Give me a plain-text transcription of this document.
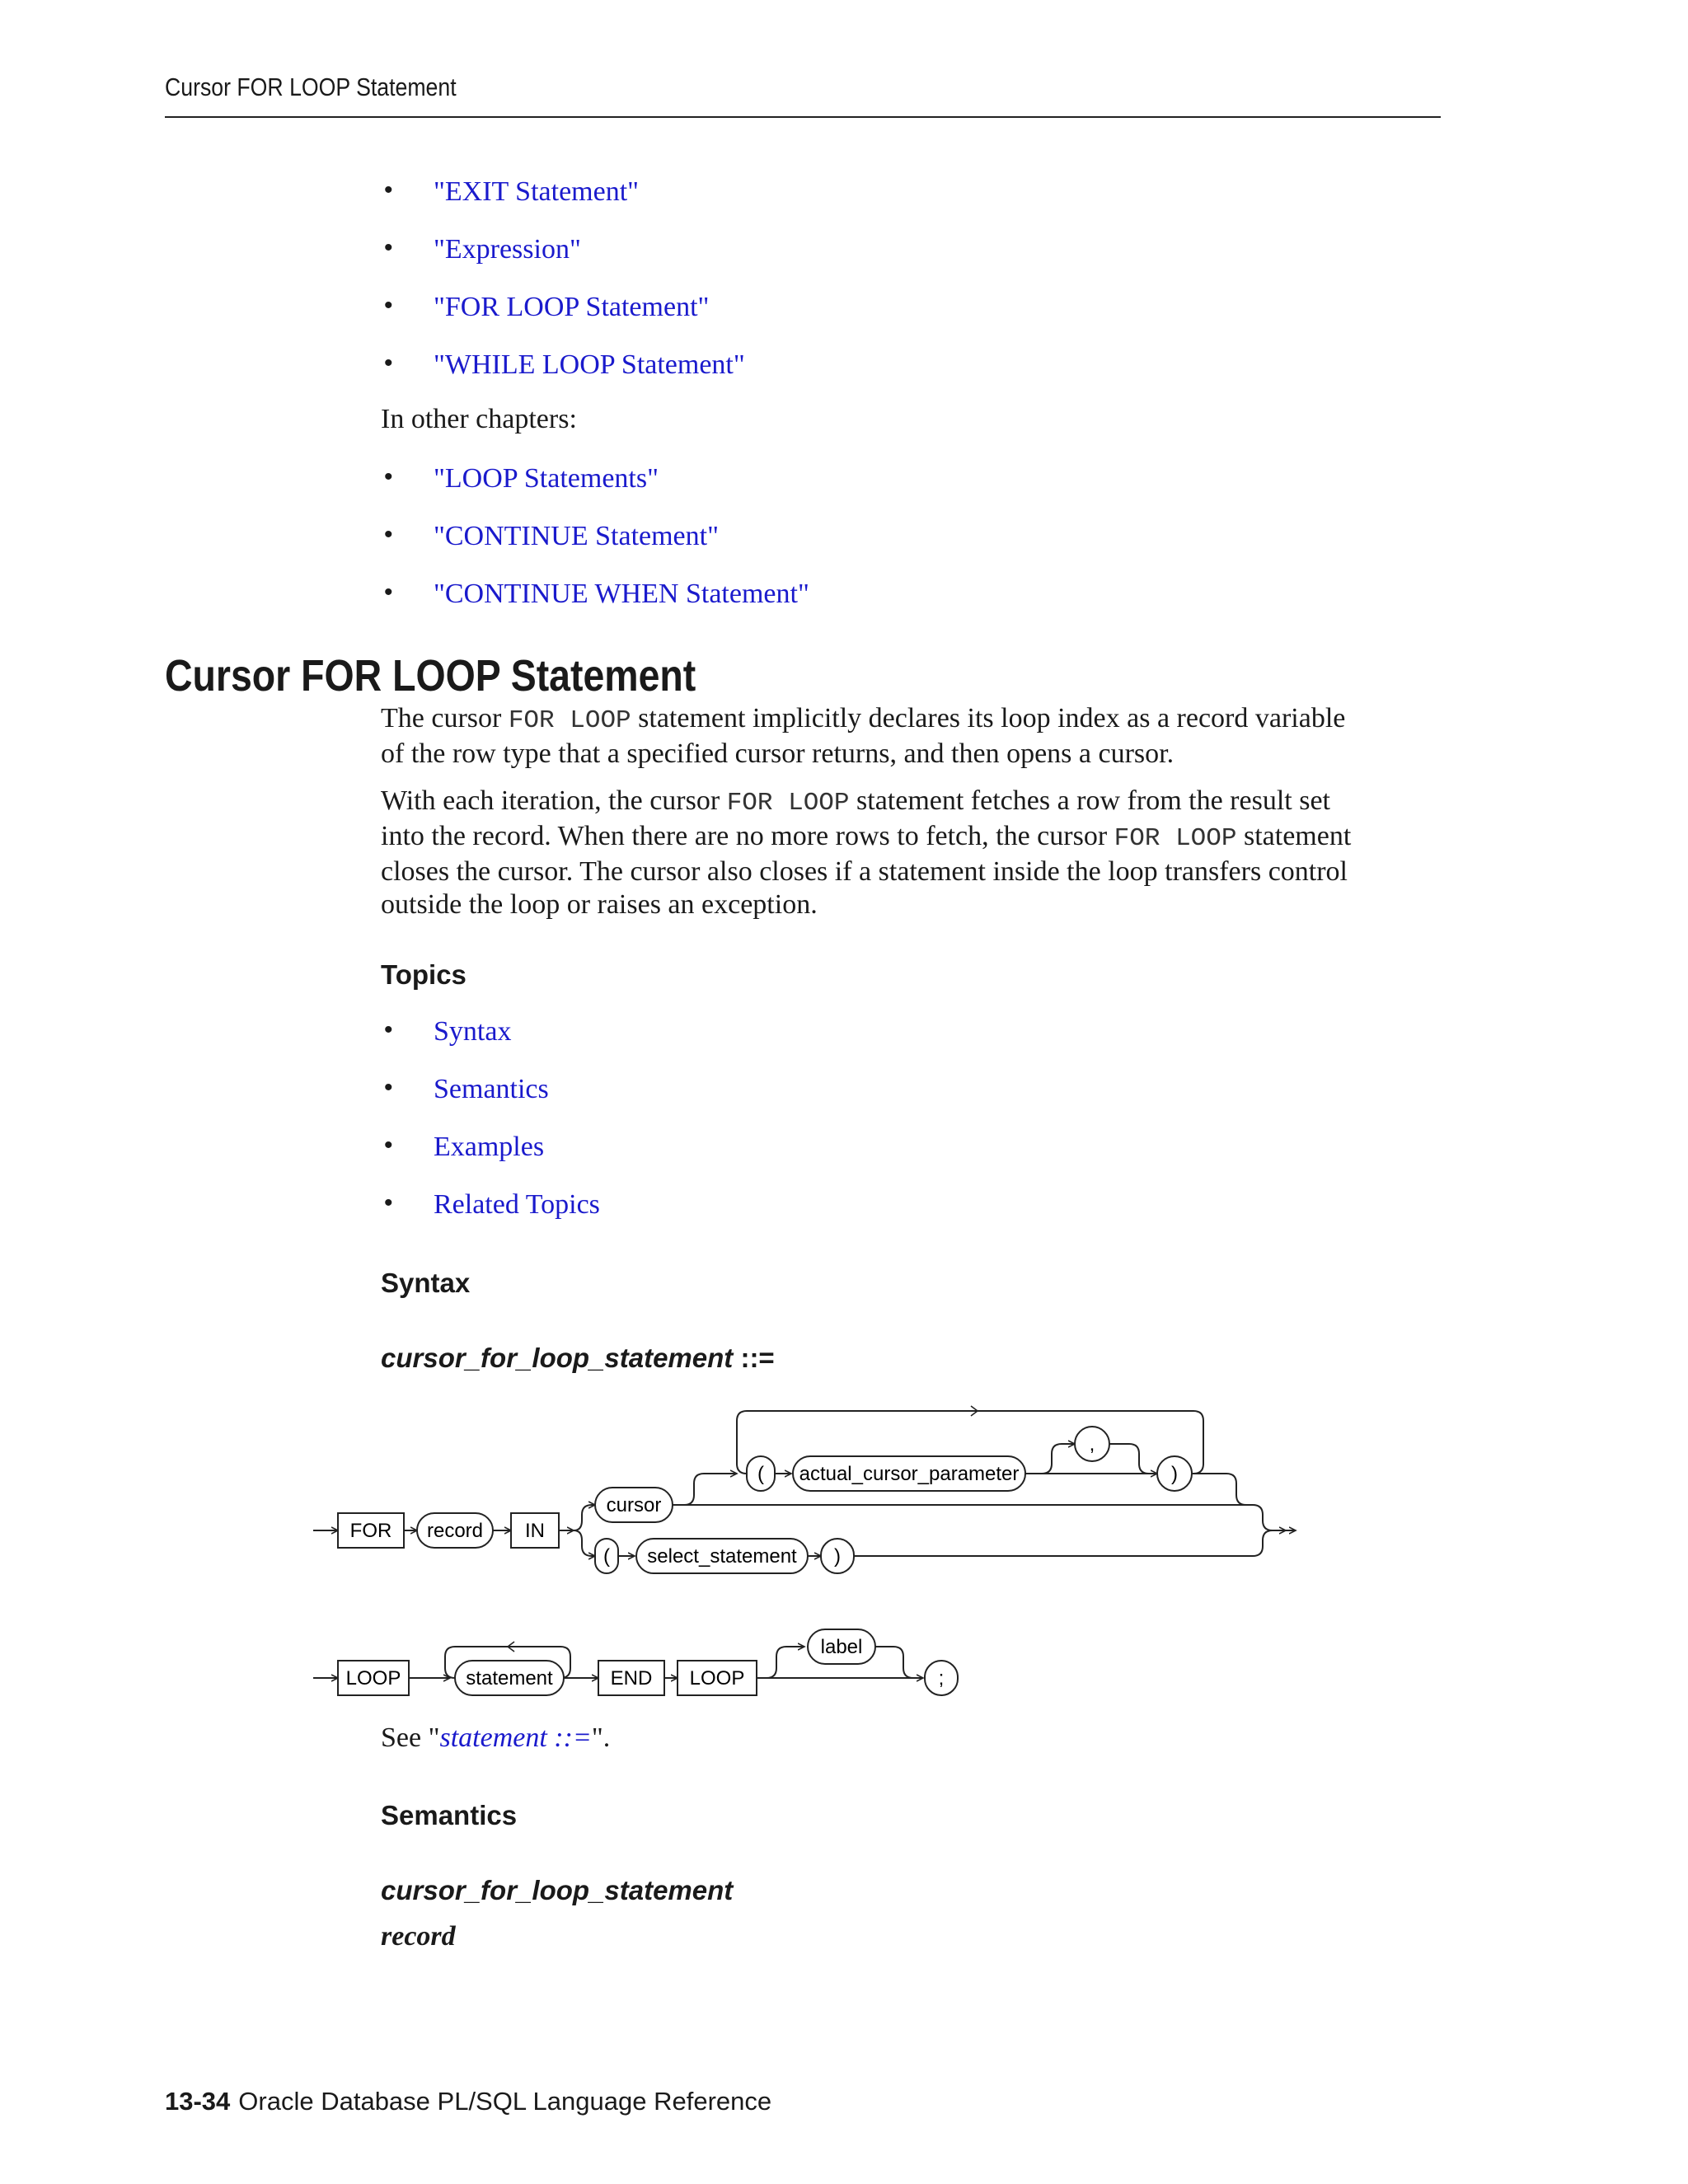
Cursor FOR LOOP Statement
• "EXIT Statement"
• "Expression"
• "FOR LOOP Statement"
• "WHILE LOOP Statement"
In other chapters:
• "LOOP Statements"
• "CONTINUE Statement"
• "CONTINUE WHEN Statement"
Cursor FOR LOOP Statement
The cursor FOR LOOP statement implicitly declares its loop index as a record variable
of the row type that a specified cursor returns, and then opens a cursor.
With each iteration, the cursor FOR LOOP statement fetches a row from the result set
into the record. When there are no more rows to fetch, the cursor FOR LOOP statement
closes the cursor. The cursor also closes if a statement inside the loop transfers control
outside the loop or raises an exception.
Topics
• Syntax
• Semantics
• Examples
• Related Topics
Syntax
cursor_for_loop_statement ::=
FOR record IN
cursor
( actual_cursor_parameter
,
)
( select_statement )
LOOP	statement	END LOOP
label
;
See "statement ::=".
Semantics
cursor_for_loop_statement
record
13-34 Oracle Database PL/SQL Language Reference
